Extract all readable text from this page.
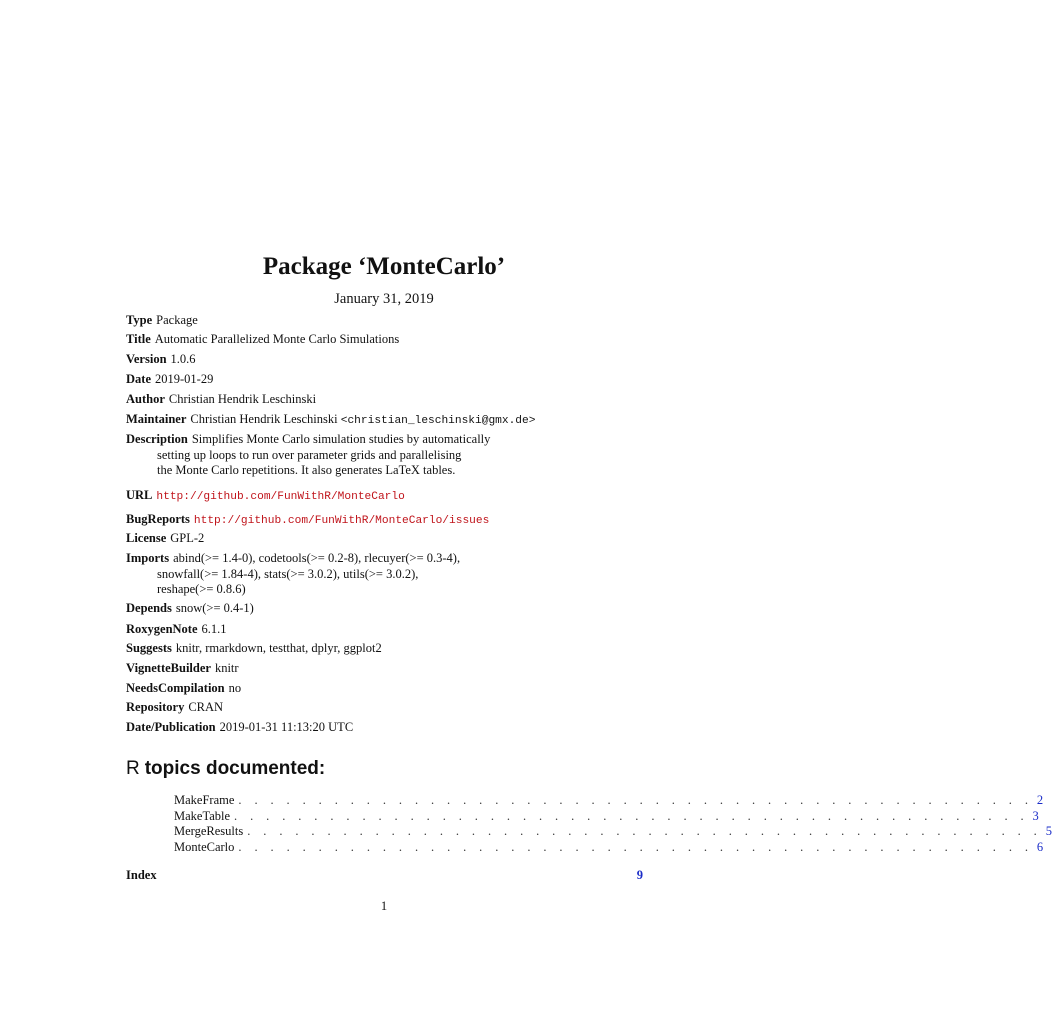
Package ‘MonteCarlo’
January 31, 2019
Type Package
Title Automatic Parallelized Monte Carlo Simulations
Version 1.0.6
Date 2019-01-29
Author Christian Hendrik Leschinski
Maintainer Christian Hendrik Leschinski <christian_leschinski@gmx.de>
Description Simplifies Monte Carlo simulation studies by automatically
setting up loops to run over parameter grids and parallelising
the Monte Carlo repetitions. It also generates LaTeX tables.
URL http://github.com/FunWithR/MonteCarlo
BugReports http://github.com/FunWithR/MonteCarlo/issues
License GPL-2
Imports abind(>= 1.4-0), codetools(>= 0.2-8), rlecuyer(>= 0.3-4),
snowfall(>= 1.84-4), stats(>= 3.0.2), utils(>= 3.0.2),
reshape(>= 0.8.6)
Depends snow(>= 0.4-1)
RoxygenNote 6.1.1
Suggests knitr, rmarkdown, testthat, dplyr, ggplot2
VignetteBuilder knitr
NeedsCompilation no
Repository CRAN
Date/Publication 2019-01-31 11:13:20 UTC
R topics documented:
MakeFrame . . . . . . . . . . . . . . . . . . . . . . . . . . . . . . . . . . . . . . . . . . . . . . . . . . 2
MakeTable . . . . . . . . . . . . . . . . . . . . . . . . . . . . . . . . . . . . . . . . . . . . . . . . . . 3
MergeResults . . . . . . . . . . . . . . . . . . . . . . . . . . . . . . . . . . . . . . . . . . . . . . . . . . 5
MonteCarlo . . . . . . . . . . . . . . . . . . . . . . . . . . . . . . . . . . . . . . . . . . . . . . . . . . 6
Index	9
1
